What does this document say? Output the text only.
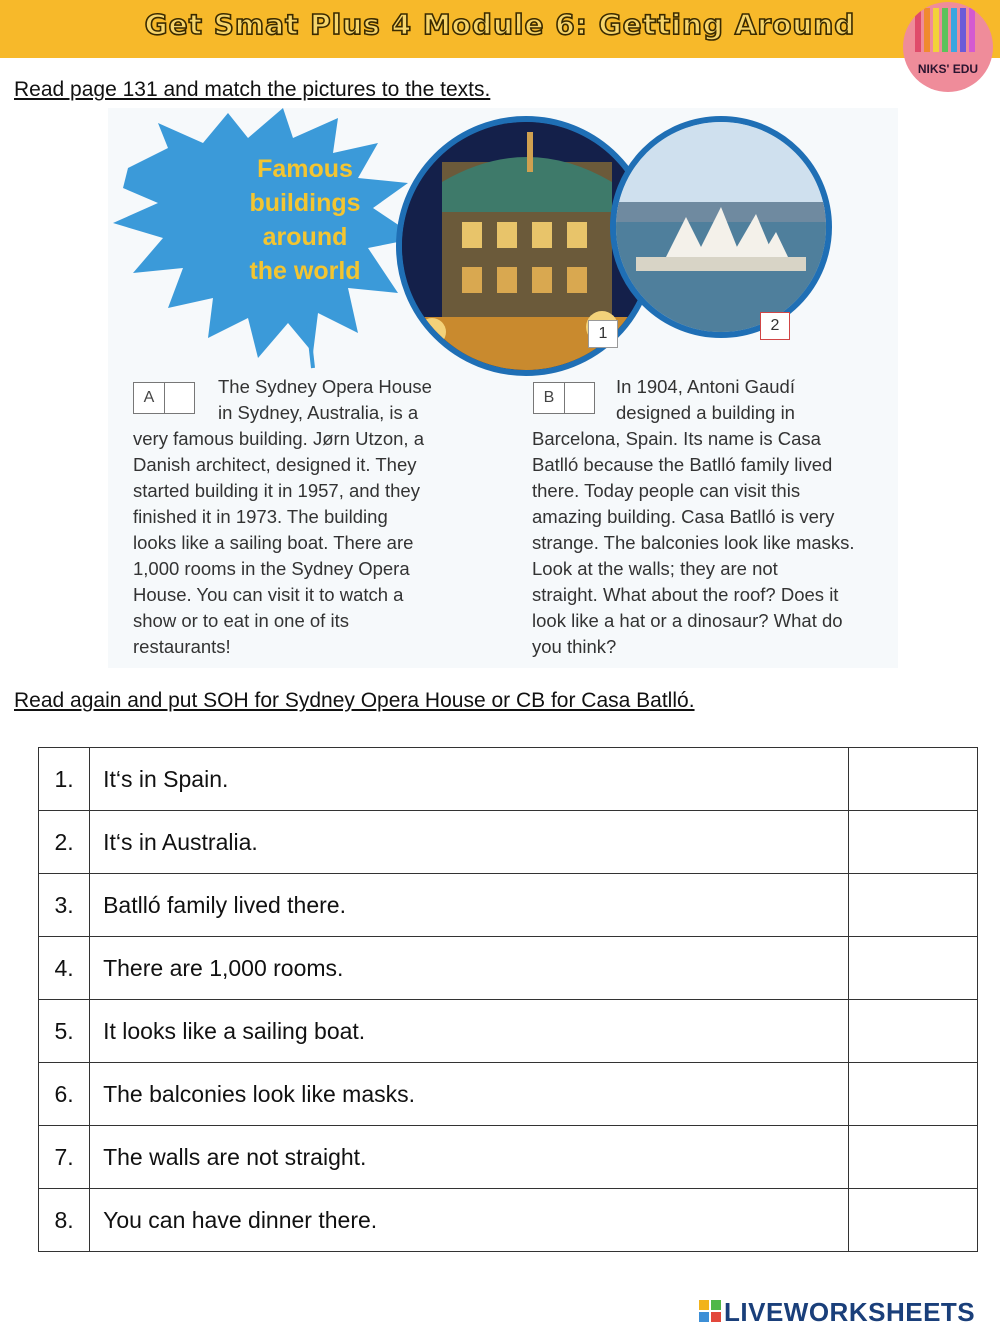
Get Smat Plus 4 Module 6: Getting Around
NIKS' EDU
Read page 131 and match the pictures to the texts.
Famous
buildings
around
the world
1	2
A
The Sydney Opera House
in Sydney, Australia, is a
very famous building. Jørn Utzon, a
Danish architect, designed it. They
started building it in 1957, and they
finished it in 1973. The building
looks like a sailing boat. There are
1,000 rooms in the Sydney Opera
House. You can visit it to watch a
show or to eat in one of its
restaurants!
B
In 1904, Antoni Gaudí
designed a building in
Barcelona, Spain. Its name is Casa
Batlló because the Batlló family lived
there. Today people can visit this
amazing building. Casa Batlló is very
strange. The balconies look like masks.
Look at the walls; they are not
straight. What about the roof? Does it
look like a hat or a dinosaur? What do
you think?
Read again and put SOH for Sydney Opera House or CB for Casa Batlló.
1.	It‘s in Spain.	
2.	It‘s in Australia.	
3.	Batlló family lived there.	
4.	There are 1,000 rooms.	
5.	It looks like a sailing boat.	
6.	The balconies look like masks.	
7.	The walls are not straight.	
8.	You can have dinner there.	
LIVEWORKSHEETS
